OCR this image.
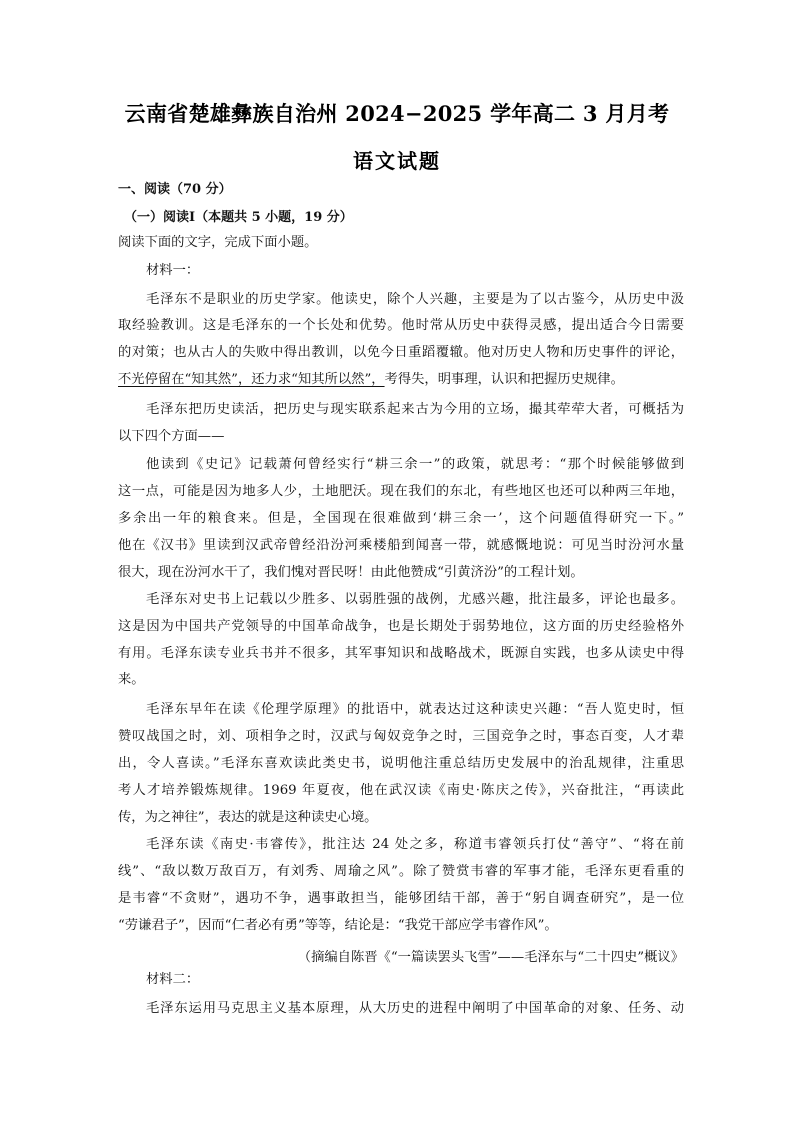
云南省楚雄彝族自治州 2024−2025 学年高二 3 月月考
语文试题
一、阅读（70 分）
（一）阅读Ⅰ（本题共 5 小题，19 分）
阅读下面的文字，完成下面小题。
材料一：
毛泽东不是职业的历史学家。他读史，除个人兴趣，主要是为了以古鉴今，从历史中汲
取经验教训。这是毛泽东的一个长处和优势。他时常从历史中获得灵感，提出适合今日需要
的对策；也从古人的失败中得出教训，以免今日重蹈覆辙。他对历史人物和历史事件的评论，
不光停留在“知其然”，还力求“知其所以然”，考得失，明事理，认识和把握历史规律。
毛泽东把历史读活，把历史与现实联系起来古为今用的立场，撮其荦荦大者，可概括为
以下四个方面——
他读到《史记》记载萧何曾经实行“耕三余一”的政策，就思考：“那个时候能够做到
这一点，可能是因为地多人少，土地肥沃。现在我们的东北，有些地区也还可以种两三年地，
多余出一年的粮食来。但是，全国现在很难做到‘耕三余一’，这个问题值得研究一下。”
他在《汉书》里读到汉武帝曾经沿汾河乘楼船到闻喜一带，就感慨地说：可见当时汾河水量
很大，现在汾河水干了，我们愧对晋民呀！由此他赞成“引黄济汾”的工程计划。
毛泽东对史书上记载以少胜多、以弱胜强的战例，尤感兴趣，批注最多，评论也最多。
这是因为中国共产党领导的中国革命战争，也是长期处于弱势地位，这方面的历史经验格外
有用。毛泽东读专业兵书并不很多，其军事知识和战略战术，既源自实践，也多从读史中得
来。
毛泽东早年在读《伦理学原理》的批语中，就表达过这种读史兴趣：“吾人览史时，恒
赞叹战国之时，刘、项相争之时，汉武与匈奴竞争之时，三国竞争之时，事态百变，人才辈
出，令人喜读。”毛泽东喜欢读此类史书，说明他注重总结历史发展中的治乱规律，注重思
考人才培养锻炼规律。1969 年夏夜，他在武汉读《南史·陈庆之传》，兴奋批注，“再读此
传，为之神往”，表达的就是这种读史心境。
毛泽东读《南史·韦睿传》，批注达 24 处之多，称道韦睿领兵打仗“善守”、“将在前
线”、“敌以数万敌百万，有刘秀、周瑜之风”。除了赞赏韦睿的军事才能，毛泽东更看重的
是韦睿“不贪财”，遇功不争，遇事敢担当，能够团结干部，善于“躬自调查研究”，是一位
“劳谦君子”，因而“仁者必有勇”等等，结论是：“我党干部应学韦睿作风”。
（摘编自陈晋《“一篇读罢头飞雪”——毛泽东与“二十四史”概议》
材料二：
毛泽东运用马克思主义基本原理，从大历史的进程中阐明了中国革命的对象、任务、动
